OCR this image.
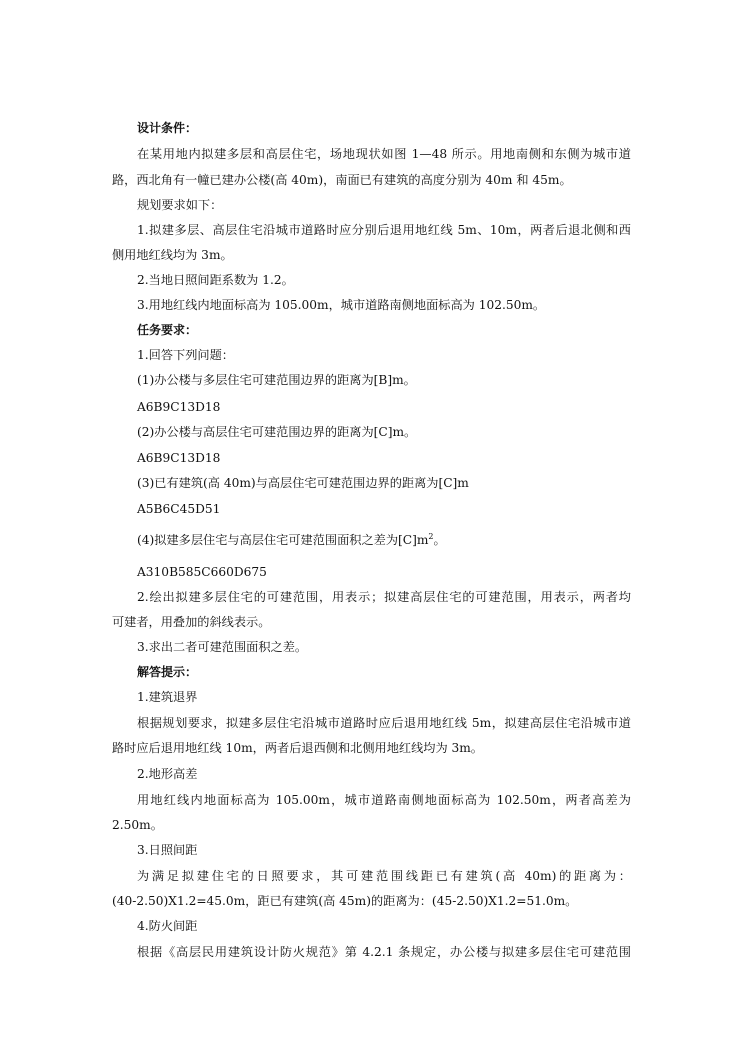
设计条件：
在某用地内拟建多层和高层住宅，场地现状如图 1—48 所示。用地南侧和东侧为城市道
路，西北角有一幢已建办公楼(高 40m)，南面已有建筑的高度分别为 40m 和 45m。
规划要求如下：
1.拟建多层、高层住宅沿城市道路时应分别后退用地红线 5m、10m，两者后退北侧和西
侧用地红线均为 3m。
2.当地日照间距系数为 1.2。
3.用地红线内地面标高为 105.00m，城市道路南侧地面标高为 102.50m。
任务要求：
1.回答下列问题：
(1)办公楼与多层住宅可建范围边界的距离为[B]m。
A6B9C13D18
(2)办公楼与高层住宅可建范围边界的距离为[C]m。
A6B9C13D18
(3)已有建筑(高 40m)与高层住宅可建范围边界的距离为[C]m
A5B6C45D51
(4)拟建多层住宅与高层住宅可建范围面积之差为$[C]m^2$。
A310B585C660D675
2.绘出拟建多层住宅的可建范围，用表示；拟建高层住宅的可建范围，用表示，两者均
可建者，用叠加的斜线表示。
3.求出二者可建范围面积之差。
解答提示：
1.建筑退界
根据规划要求，拟建多层住宅沿城市道路时应后退用地红线 5m，拟建高层住宅沿城市道
路时应后退用地红线 10m，两者后退西侧和北侧用地红线均为 3m。
2.地形高差
用地红线内地面标高为 105.00m，城市道路南侧地面标高为 102.50m，两者高差为
2.50m。
3.日照间距
为满足拟建住宅的日照要求，其可建范围线距已有建筑(高 40m)的距离为：
(40-2.50)X1.2=45.0m，距已有建筑(高 45m)的距离为：(45-2.50)X1.2=51.0m。
4.防火间距
根据《高层民用建筑设计防火规范》第 4.2.1 条规定，办公楼与拟建多层住宅可建范围
